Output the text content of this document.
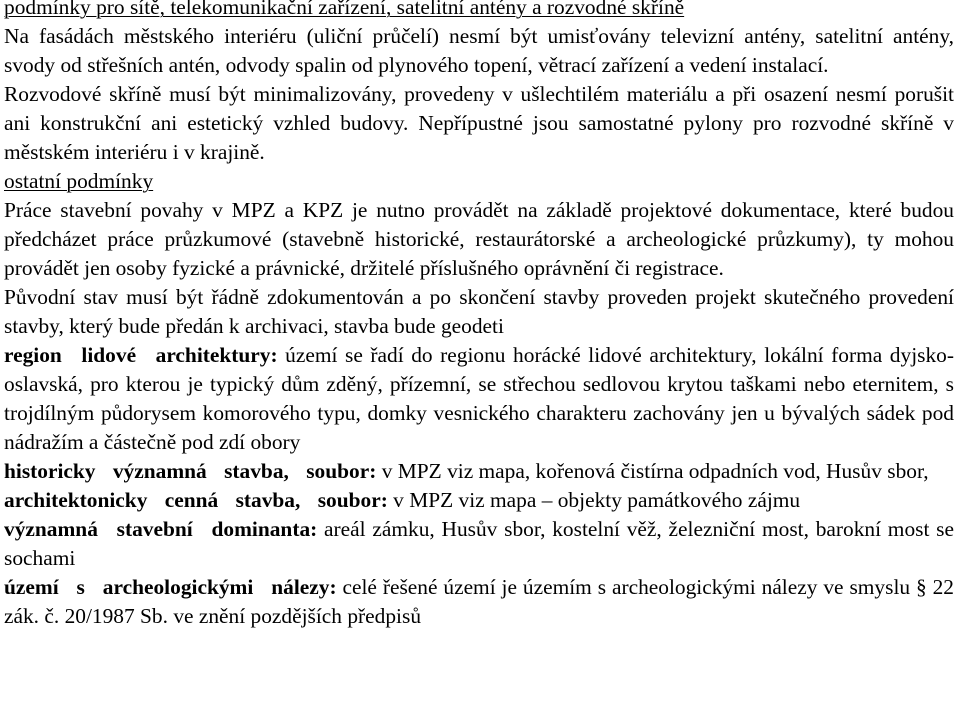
podmínky pro sítě, telekomunikační zařízení, satelitní antény a rozvodné skříně

Na fasádách městského interiéru (uliční průčelí) nesmí být umisťovány televizní antény, satelitní antény, svody od střešních antén, odvody spalin od plynového topení, větrací zařízení a vedení instalací.

Rozvodové skříně musí být minimalizovány, provedeny v ušlechtilém materiálu a při osazení nesmí porušit ani konstrukční ani estetický vzhled budovy. Nepřípustné jsou samostatné pylony pro rozvodné skříně v městském interiéru i v krajině.

ostatní podmínky

Práce stavební povahy v MPZ a KPZ je nutno provádět na základě projektové dokumentace, které budou předcházet práce průzkumové (stavebně historické, restaurátorské a archeologické průzkumy), ty mohou provádět jen osoby fyzické a právnické, držitelé příslušného oprávnění či registrace.

Původní stav musí být řádně zdokumentován a po skončení stavby proveden projekt skutečného provedení stavby, který bude předán k archivaci, stavba bude geodeti

region lidové architektury: území se řadí do regionu horácké lidové architektury, lokální forma dyjsko-oslavská, pro kterou je typický dům zděný, přízemní, se střechou sedlovou krytou taškami nebo eternitem, s trojdílným půdorysem komorového typu, domky vesnického charakteru zachovány jen u bývalých sádek pod nádražím a částečně pod zdí obory

historicky významná stavba, soubor: v MPZ viz mapa, kořenová čistírna odpadních vod, Husův sbor,

architektonicky cenná stavba, soubor: v MPZ viz mapa – objekty památkového zájmu

významná stavební dominanta: areál zámku, Husův sbor, kostelní věž, železniční most, barokní most se sochami

území s archeologickými nálezy: celé řešené území je územím s archeologickými nálezy ve smyslu § 22 zák. č. 20/1987 Sb. ve znění pozdějších předpisů
